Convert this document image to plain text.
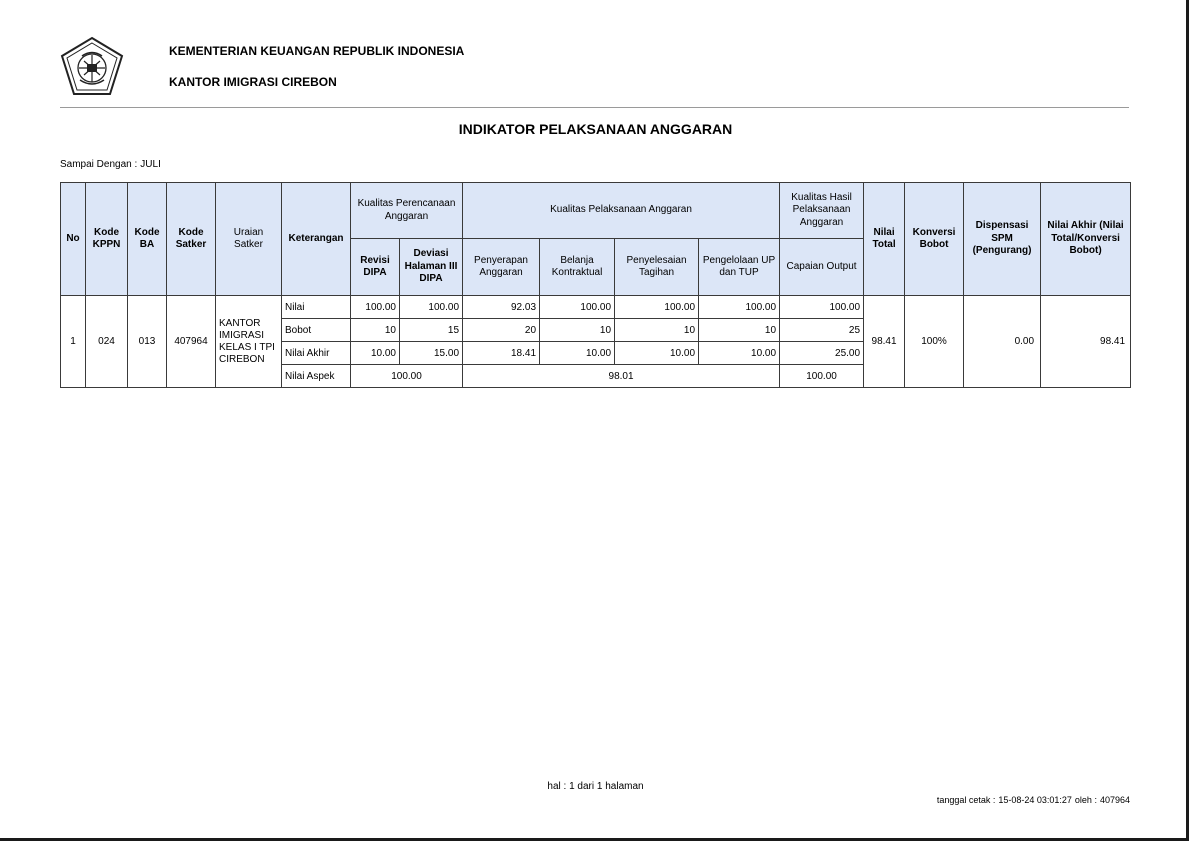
KEMENTERIAN KEUANGAN REPUBLIK INDONESIA
KANTOR IMIGRASI CIREBON
INDIKATOR PELAKSANAAN ANGGARAN
Sampai Dengan : JULI
No	Kode KPPN	Kode BA	Kode Satker	Uraian Satker	Keterangan	Kualitas Perencanaan Anggaran		Kualitas Pelaksanaan Anggaran				Kualitas Hasil Pelaksanaan Anggaran	Nilai Total	Konversi Bobot	Dispensasi SPM (Pengurang)	Nilai Akhir (Nilai Total/Konversi Bobot)
						Revisi DIPA	Deviasi Halaman III DIPA	Penyerapan Anggaran	Belanja Kontraktual	Penyelesaian Tagihan	Pengelolaan UP dan TUP	Capaian Output				
1	024	013	407964	KANTOR IMIGRASI KELAS I TPI CIREBON	Nilai	100.00	100.00	92.03	100.00	100.00	100.00	100.00	98.41	100%	0.00	98.41
					Bobot	10	15	20	10	10	10	25				
					Nilai Akhir	10.00	15.00	18.41	10.00	10.00	10.00	25.00				
					Nilai Aspek	100.00		98.01				100.00				
hal : 1 dari 1 halaman
tanggal cetak : 15-08-24 03:01:27 oleh : 407964
